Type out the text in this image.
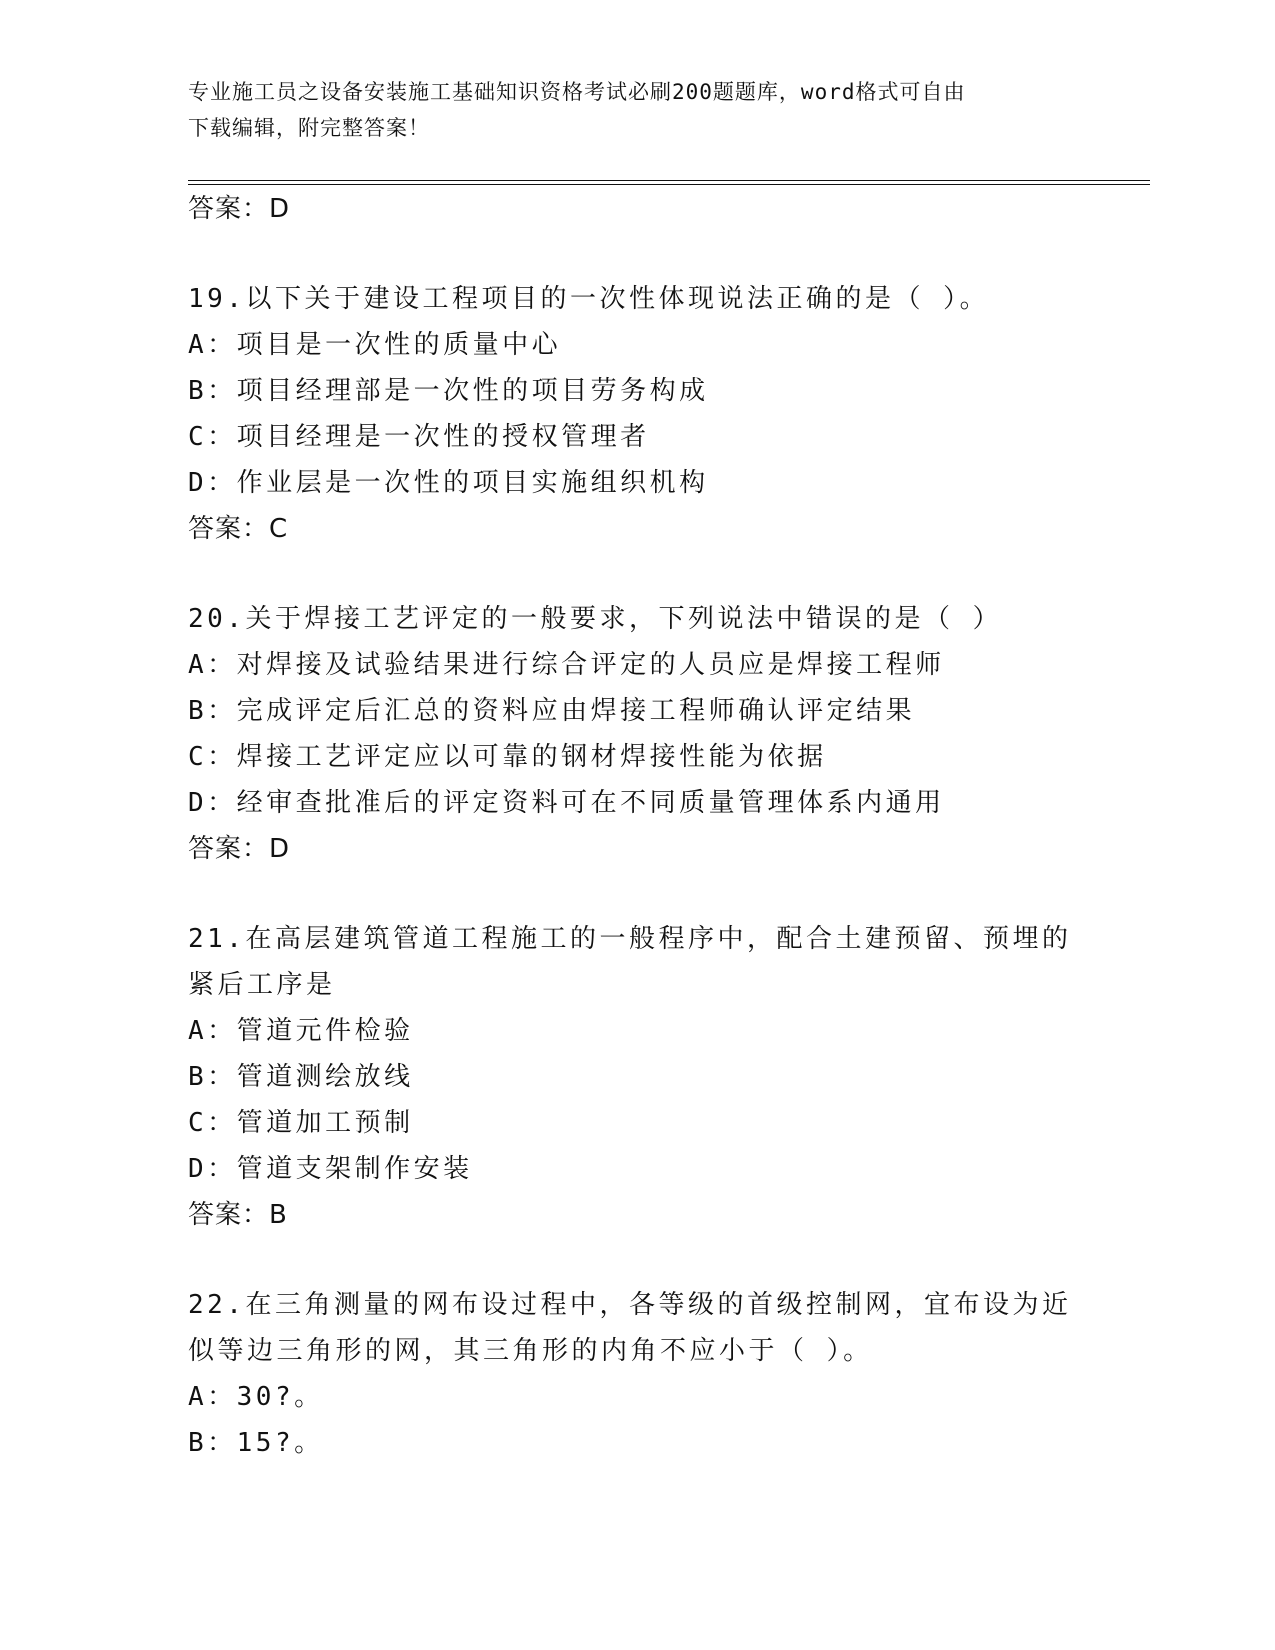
专业施工员之设备安装施工基础知识资格考试必刷200题题库，word格式可自由
下载编辑，附完整答案！
答案：D
19.以下关于建设工程项目的一次性体现说法正确的是（ ）。
A：项目是一次性的质量中心
B：项目经理部是一次性的项目劳务构成
C：项目经理是一次性的授权管理者
D：作业层是一次性的项目实施组织机构
答案：C
20.关于焊接工艺评定的一般要求，下列说法中错误的是（ ）
A：对焊接及试验结果进行综合评定的人员应是焊接工程师
B：完成评定后汇总的资料应由焊接工程师确认评定结果
C：焊接工艺评定应以可靠的钢材焊接性能为依据
D：经审查批准后的评定资料可在不同质量管理体系内通用
答案：D
21.在高层建筑管道工程施工的一般程序中，配合土建预留、预埋的紧后工序是
A：管道元件检验
B：管道测绘放线
C：管道加工预制
D：管道支架制作安装
答案：B
22.在三角测量的网布设过程中，各等级的首级控制网，宜布设为近似等边三角形的网，其三角形的内角不应小于（ ）。
A：30?。
B：15?。
